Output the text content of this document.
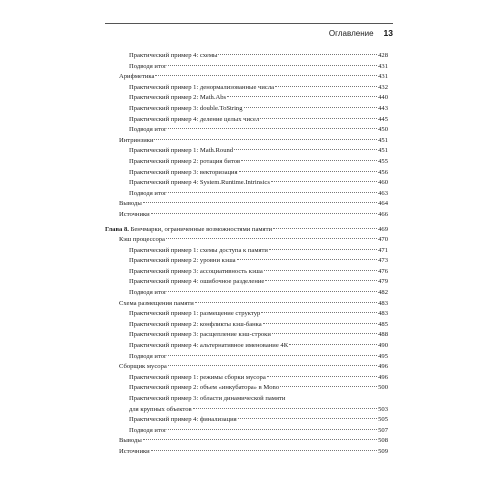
Оглавление 13
Практический пример 4: схемы	428
Подводя итог	431
Арифметика	431
Практический пример 1: денормализованные числа	432
Практический пример 2: Math.Abs	440
Практический пример 3: double.ToString	443
Практический пример 4: деление целых чисел	445
Подводя итог	450
Интринзики	451
Практический пример 1: Math.Round	451
Практический пример 2: ротация битов	455
Практический пример 3: векторизация	456
Практический пример 4: System.Runtime.Intrinsics	460
Подводя итог	463
Выводы	464
Источники	466
Глава 8. Бенчмарки, ограниченные возможностями памяти	469
Кэш процессора	470
Практический пример 1: схемы доступа к памяти	471
Практический пример 2: уровни кэша	473
Практический пример 3: ассоциативность кэша	476
Практический пример 4: ошибочное разделение	479
Подводя итог	482
Схема размещения памяти	483
Практический пример 1: размещение структур	483
Практический пример 2: конфликты кэш-банка	485
Практический пример 3: расщепление кэш-строки	488
Практический пример 4: альтернативное именование 4К	490
Подводя итог	495
Сборщик мусора	496
Практический пример 1: режимы сборки мусора	496
Практический пример 2: объем «инкубатора» в Mono	500
Практический пример 3: области динамической памяти
для крупных объектов	503
Практический пример 4: финализация	505
Подводя итог	507
Выводы	508
Источники	509
